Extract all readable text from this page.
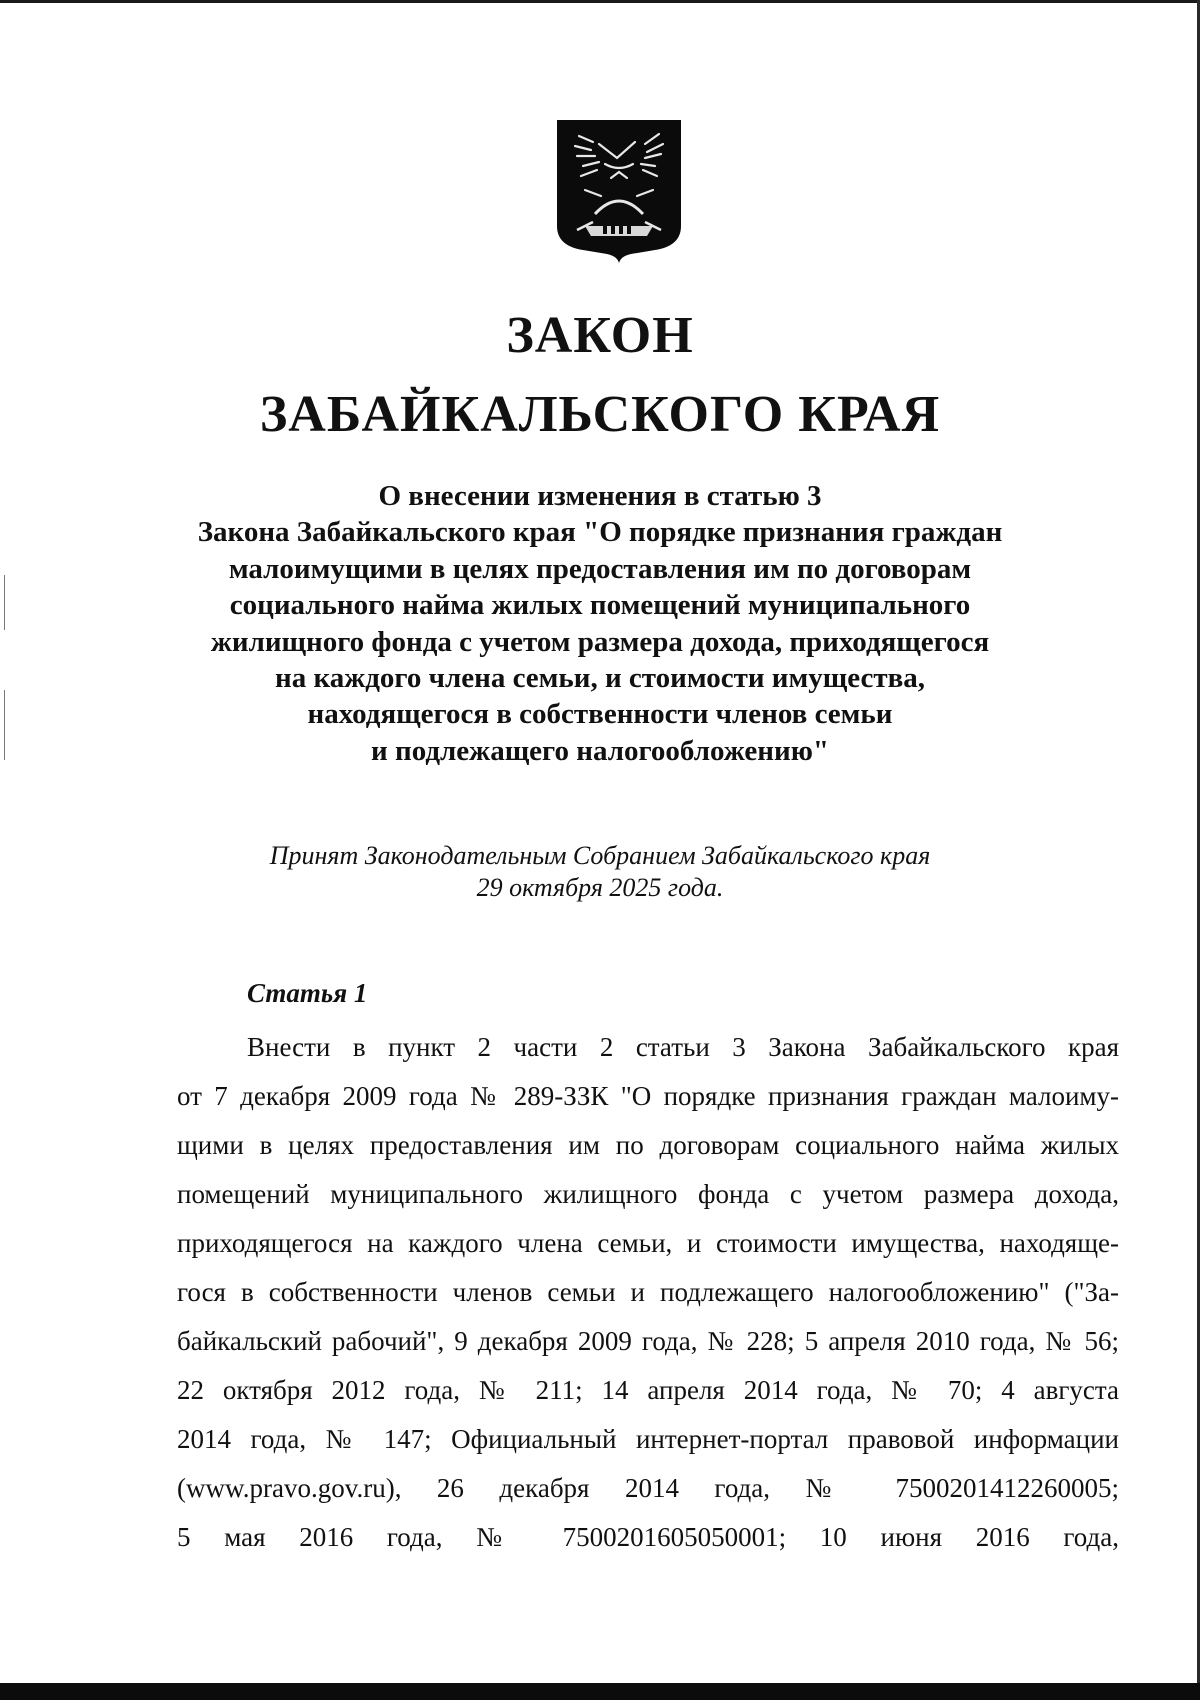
ЗАКОН
ЗАБАЙКАЛЬСКОГО КРАЯ
О внесении изменения в статью 3
Закона Забайкальского края "О порядке признания граждан
малоимущими в целях предоставления им по договорам
социального найма жилых помещений муниципального
жилищного фонда с учетом размера дохода, приходящегося
на каждого члена семьи, и стоимости имущества,
находящегося в собственности членов семьи
и подлежащего налогообложению"
Принят Законодательным Собранием Забайкальского края
29 октября 2025 года.
Статья 1
Внести в пункт 2 части 2 статьи 3 Закона Забайкальского края
от 7 декабря 2009 года № 289-ЗЗК "О порядке признания граждан малоиму-
щими в целях предоставления им по договорам социального найма жилых
помещений муниципального жилищного фонда с учетом размера дохода,
приходящегося на каждого члена семьи, и стоимости имущества, находяще-
гося в собственности членов семьи и подлежащего налогообложению" ("За-
байкальский рабочий", 9 декабря 2009 года, № 228; 5 апреля 2010 года, № 56;
22 октября 2012 года, № 211; 14 апреля 2014 года, № 70; 4 августа
2014 года, № 147; Официальный интернет-портал правовой информации
(www.pravo.gov.ru), 26 декабря 2014 года, № 7500201412260005;
5 мая 2016 года, № 7500201605050001; 10 июня 2016 года,
